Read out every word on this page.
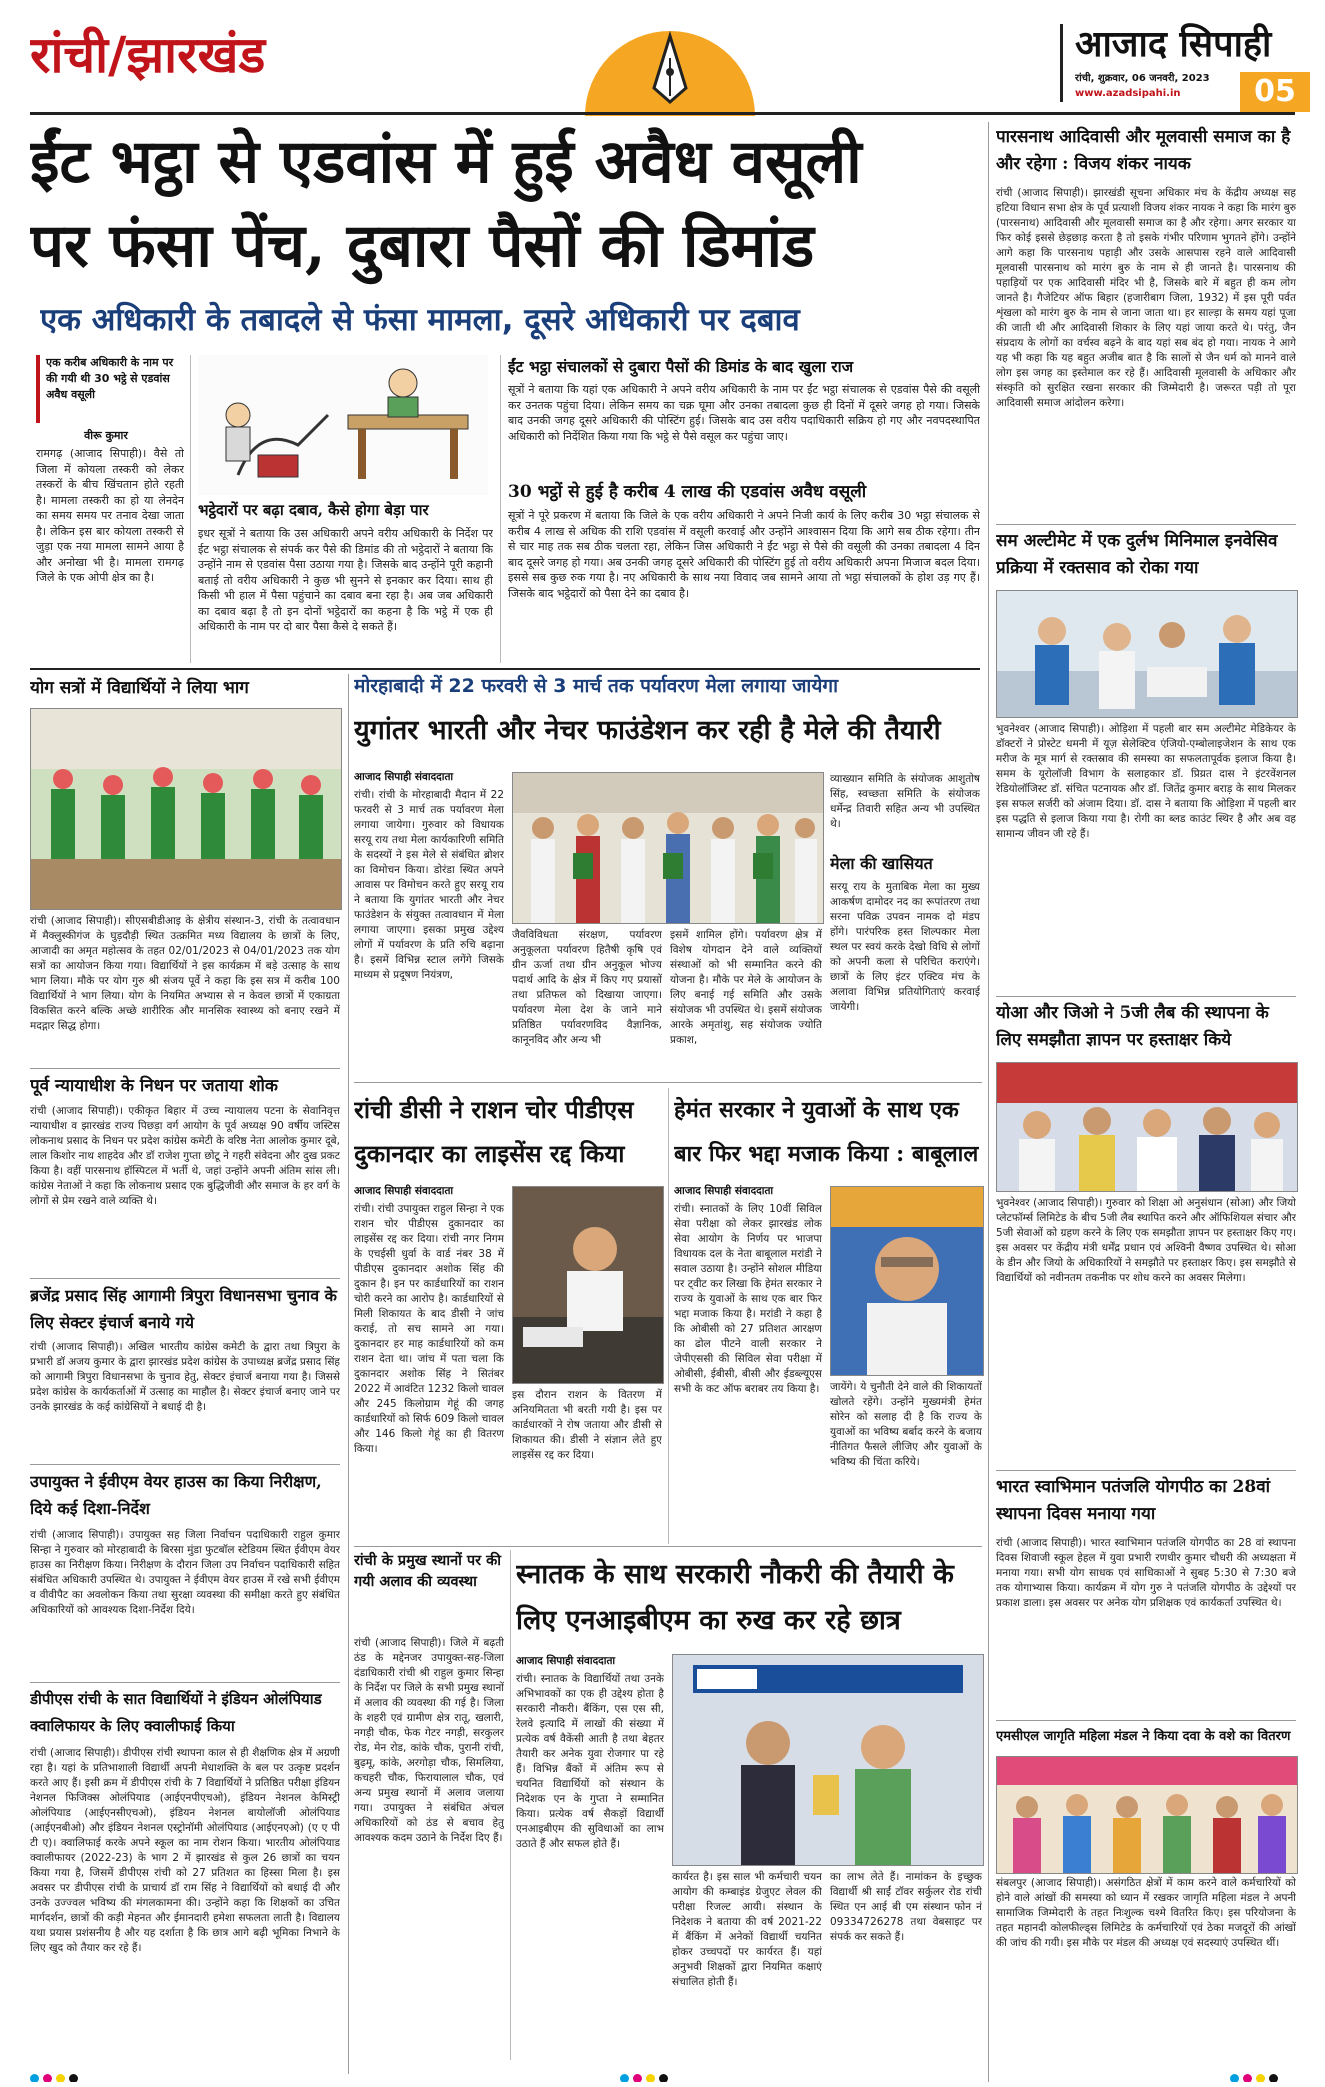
रांची/झारखंड	आजाद सिपाही
रांची, शुक्रवार, 06 जनवरी, 2023
www.azadsipahi.in	05
ईंट भट्ठा से एडवांस में हुई अवैध वसूली
पर फंसा पेंच, दुबारा पैसों की डिमांड
एक अधिकारी के तबादले से फंसा मामला, दूसरे अधिकारी पर दबाव

एक करीब अधिकारी के नाम पर की गयी थी 30 भट्ठे से एडवांस अवैध वसूली

वीरू कुमार

रामगढ़ (आजाद सिपाही)। वैसे तो जिला में कोयला तस्करी को लेकर तस्करों के बीच खिंचतान होते रहती है। मामला तस्करी का हो या लेनदेन का समय समय पर तनाव देखा जाता है। लेकिन इस बार कोयला तस्करी से जुड़ा एक नया मामला सामने आया है और अनोखा भी है। मामला रामगढ़ जिले के एक ओपी क्षेत्र का है।

भट्ठेदारों पर बढ़ा दबाव, कैसे होगा बेड़ा पार

इधर सूत्रों ने बताया कि उस अधिकारी अपने वरीय अधिकारी के निर्देश पर ईट भट्ठा संचालक से संपर्क कर पैसे की डिमांड की तो भट्ठेदारों ने बताया कि उन्होंने नाम से एडवांस पैसा उठाया गया है। जिसके बाद उन्होंने पूरी कहानी बताई तो वरीय अधिकारी ने कुछ भी सुनने से इनकार कर दिया। साथ ही किसी भी हाल में पैसा पहुंचाने का दबाव बना रहा है। अब जब अधिकारी का दबाव बढ़ा है तो इन दोनों भट्ठेदारों का कहना है कि भट्ठे में एक ही अधिकारी के नाम पर दो बार पैसा कैसे दे सकते हैं।

ईंट भट्ठा संचालकों से दुबारा पैसों की डिमांड के बाद खुला राज

सूत्रों ने बताया कि यहां एक अधिकारी ने अपने वरीय अधिकारी के नाम पर ईंट भट्ठा संचालक से एडवांस पैसे की वसूली कर उनतक पहुंचा दिया। लेकिन समय का चक्र घूमा और उनका तबादला कुछ ही दिनों में दूसरे जगह हो गया। जिसके बाद उनकी जगह दूसरे अधिकारी की पोस्टिंग हुई। जिसके बाद उस वरीय पदाधिकारी सक्रिय हो गए और नवपदस्थापित अधिकारी को निर्देशित किया गया कि भट्ठे से पैसे वसूल कर पहुंचा जाए।

30 भट्ठों से हुई है करीब 4 लाख की एडवांस अवैध वसूली

सूत्रों ने पूरे प्रकरण में बताया कि जिले के एक वरीय अधिकारी ने अपने निजी कार्य के लिए करीब 30 भट्ठा संचालक से करीब 4 लाख से अधिक की राशि एडवांस में वसूली करवाई और उन्होंने आश्वासन दिया कि आगे सब ठीक रहेगा। तीन से चार माह तक सब ठीक चलता रहा, लेकिन जिस अधिकारी ने ईंट भट्ठा से पैसे की वसूली की उनका तबादला 4 दिन बाद दूसरे जगह हो गया। अब उनकी जगह दूसरे अधिकारी की पोस्टिंग हुई तो वरीय अधिकारी अपना मिजाज बदल दिया। इससे सब कुछ रुक गया है। नए अधिकारी के साथ नया विवाद जब सामने आया तो भट्ठा संचालकों के होश उड़ गए हैं। जिसके बाद भट्ठेदारों को पैसा देने का दबाव है।

पारसनाथ आदिवासी और मूलवासी समाज का है और रहेगा : विजय शंकर नायक

रांची (आजाद सिपाही)। झारखंडी सूचना अधिकार मंच के केंद्रीय अध्यक्ष सह हटिया विधान सभा क्षेत्र के पूर्व प्रत्याशी विजय शंकर नायक ने कहा कि मारंग बुरु (पारसनाथ) आदिवासी और मूलवासी समाज का है और रहेगा। अगर सरकार या फिर कोई इससे छेड़छाड़ करता है तो इसके गंभीर परिणाम भुगतने होंगे। उन्होंने आगे कहा कि पारसनाथ पहाड़ी और उसके आसपास रहने वाले आदिवासी मूलवासी पारसनाथ को मारंग बुरु के नाम से ही जानते है। पारसनाथ की पहाड़ियों पर एक आदिवासी मंदिर भी है, जिसके बारे में बहुत ही कम लोग जानते है। गैजेटियर ऑफ बिहार (हजारीबाग जिला, 1932) में इस पूरी पर्वत शृंखला को मारंग बुरु के नाम से जाना जाता था। हर साल्ड़ा के समय यहां पूजा की जाती थी और आदिवासी शिकार के लिए यहां जाया करते थे। परंतु, जैन संप्रदाय के लोगों का वर्चस्व बढ़ने के बाद यहां सब बंद हो गया। नायक ने आगे यह भी कहा कि यह बहुत अजीब बात है कि सालों से जैन धर्म को मानने वाले लोग इस जगह का इस्तेमाल कर रहे हैं। आदिवासी मूलवासी के अधिकार और संस्कृति को सुरक्षित रखना सरकार की जिम्मेदारी है। जरूरत पड़ी तो पूरा आदिवासी समाज आंदोलन करेगा।

सम अल्टीमेट में एक दुर्लभ मिनिमाल इनवेसिव प्रक्रिया में रक्तसाव को रोका गया

भुवनेश्वर (आजाद सिपाही)। ओड़िशा में पहली बार सम अल्टीमेट मेडिकेयर के डॉक्टरों ने प्रोस्टेट धमनी में यूज़ सेलेक्टिव एंजियो-एम्बोलाइजेशन के साथ एक मरीज के मूत्र मार्ग से रक्तस्राव की समस्या का सफलतापूर्वक इलाज किया है। समम के यूरोलॉजी विभाग के सलाहकार डॉ. प्रिय्रत दास ने इंटरवेंशनल रेडियोलॉजिस्ट डॉ. संचित पटनायक और डॉ. जितेंद्र कुमार बराड़ के साथ मिलकर इस सफल सर्जरी को अंजाम दिया। डॉ. दास ने बताया कि ओड़िशा में पहली बार इस पद्धति से इलाज किया गया है। रोगी का ब्लड काउंट स्थिर है और अब वह सामान्य जीवन जी रहे हैं।

योआ और जिओ ने 5जी लैब की स्थापना के लिए समझौता ज्ञापन पर हस्ताक्षर किये

भुवनेश्वर (आजाद सिपाही)। गुरुवार को शिक्षा ओ अनुसंधान (सोआ) और जियो प्लेटफॉर्म्स लिमिटेड के बीच 5जी लैब स्थापित करने और ऑफिशियल संचार और 5जी सेवाओं को ग्रहण करने के लिए एक समझौता ज्ञापन पर हस्ताक्षर किए गए। इस अवसर पर केंद्रीय मंत्री धर्मेंद्र प्रधान एवं अश्विनी वैष्णव उपस्थित थे। सोआ के डीन और जियो के अधिकारियों ने समझौते पर हस्ताक्षर किए। इस समझौते से विद्यार्थियों को नवीनतम तकनीक पर शोध करने का अवसर मिलेगा।

भारत स्वाभिमान पतंजलि योगपीठ का 28वां स्थापना दिवस मनाया गया

रांची (आजाद सिपाही)। भारत स्वाभिमान पतंजलि योगपीठ का 28 वां स्थापना दिवस शिवाजी स्कूल हेहल में युवा प्रभारी रणधीर कुमार चौधरी की अध्यक्षता में मनाया गया। सभी योग साधक एवं साधिकाओं ने सुबह 5:30 से 7:30 बजे तक योगाभ्यास किया। कार्यक्रम में योग गुरु ने पतंजलि योगपीठ के उद्देश्यों पर प्रकाश डाला। इस अवसर पर अनेक योग प्रशिक्षक एवं कार्यकर्ता उपस्थित थे।

एमसीएल जागृति महिला मंडल ने किया दवा के वशे का वितरण

संबलपुर (आजाद सिपाही)। असंगठित क्षेत्रों में काम करने वाले कर्मचारियों को होने वाले आंखों की समस्या को ध्यान में रखकर जागृति महिला मंडल ने अपनी सामाजिक जिम्मेदारी के तहत निःशुल्क चश्मे वितरित किए। इस परियोजना के तहत महानदी कोलफील्ड्स लिमिटेड के कर्मचारियों एवं ठेका मजदूरों की आंखों की जांच की गयी। इस मौके पर मंडल की अध्यक्ष एवं सदस्याएं उपस्थित थीं।

योग सत्रों में विद्यार्थियों ने लिया भाग

रांची (आजाद सिपाही)। सीएसबीडीआइ के क्षेत्रीय संस्थान-3, रांची के तत्वावधान में मैक्लुस्कीगंज के घुड़दौड़ी स्थित उत्क्रमित मध्य विद्यालय के छात्रों के लिए, आजादी का अमृत महोत्सव के तहत 02/01/2023 से 04/01/2023 तक योग सत्रों का आयोजन किया गया। विद्यार्थियों ने इस कार्यक्रम में बड़े उत्साह के साथ भाग लिया। मौके पर योग गुरु श्री संजय पूर्वे ने कहा कि इस सत्र में करीब 100 विद्यार्थियों ने भाग लिया। योग के नियमित अभ्यास से न केवल छात्रों में एकाग्रता विकसित करने बल्कि अच्छे शारीरिक और मानसिक स्वास्थ्य को बनाए रखने में मदद्गार सिद्ध होगा।

पूर्व न्यायाधीश के निधन पर जताया शोक

रांची (आजाद सिपाही)। एकीकृत बिहार में उच्च न्यायालय पटना के सेवानिवृत्त न्यायाधीश व झारखंड राज्य पिछड़ा वर्ग आयोग के पूर्व अध्यक्ष 90 वर्षीय जस्टिस लोकनाथ प्रसाद के निधन पर प्रदेश कांग्रेस कमेटी के वरिष्ठ नेता आलोक कुमार दूबे, लाल किशोर नाथ शाहदेव और डॉ राजेश गुप्ता छोटू ने गहरी संवेदना और दुख प्रकट किया है। वहीं पारसनाथ हॉस्पिटल में भर्ती थे, जहां उन्होंने अपनी अंतिम सांस ली। कांग्रेस नेताओं ने कहा कि लोकनाथ प्रसाद एक बुद्धिजीवी और समाज के हर वर्ग के लोगों से प्रेम रखने वाले व्यक्ति थे।

ब्रजेंद्र प्रसाद सिंह आगामी त्रिपुरा विधानसभा चुनाव के लिए सेक्टर इंचार्ज बनाये गये

रांची (आजाद सिपाही)। अखिल भारतीय कांग्रेस कमेटी के द्वारा तथा त्रिपुरा के प्रभारी डॉ अजय कुमार के द्वारा झारखंड प्रदेश कांग्रेस के उपाध्यक्ष ब्रजेंद्र प्रसाद सिंह को आगामी त्रिपुरा विधानसभा के चुनाव हेतु, सेक्टर इंचार्ज बनाया गया है। जिससे प्रदेश कांग्रेस के कार्यकर्ताओं में उत्साह का माहौल है। सेक्टर इंचार्ज बनाए जाने पर उनके झारखंड के कई कांग्रेसियों ने बधाई दी है।

उपायुक्त ने ईवीएम वेयर हाउस का किया निरीक्षण, दिये कई दिशा-निर्देश

रांची (आजाद सिपाही)। उपायुक्त सह जिला निर्वाचन पदाधिकारी राहुल कुमार सिन्हा ने गुरुवार को मोरहाबादी के बिरसा मुंडा फुटबॉल स्टेडियम स्थित ईवीएम वेयर हाउस का निरीक्षण किया। निरीक्षण के दौरान जिला उप निर्वाचन पदाधिकारी सहित संबंधित अधिकारी उपस्थित थे। उपायुक्त ने ईवीएम वेयर हाउस में रखे सभी ईवीएम व वीवीपैट का अवलोकन किया तथा सुरक्षा व्यवस्था की समीक्षा करते हुए संबंधित अधिकारियों को आवश्यक दिशा-निर्देश दिये।

डीपीएस रांची के सात विद्यार्थियों ने इंडियन ओलंपियाड क्वालिफायर के लिए क्वालीफाई किया

रांची (आजाद सिपाही)। डीपीएस रांची स्थापना काल से ही शैक्षणिक क्षेत्र में अग्रणी रहा है। यहां के प्रतिभाशाली विद्यार्थी अपनी मेधाशक्ति के बल पर उत्कृष्ट प्रदर्शन करते आए हैं। इसी क्रम में डीपीएस रांची के 7 विद्यार्थियों ने प्रतिष्ठित परीक्षा इंडियन नेशनल फिजिक्स ओलंपियाड (आईएनपीएचओ), इंडियन नेशनल केमिस्ट्री ओलंपियाड (आईएनसीएचओ), इंडियन नेशनल बायोलॉजी ओलंपियाड (आईएनबीओ) और इंडियन नेशनल एस्ट्रोनॉमी ओलंपियाड (आईएनएओ) (ए ए पी टी ए)। क्वालिफाई करके अपने स्कूल का नाम रोशन किया। भारतीय ओलंपियाड क्वालीफायर (2022-23) के भाग 2 में झारखंड से कुल 26 छात्रों का चयन किया गया है, जिसमें डीपीएस रांची को 27 प्रतिशत का हिस्सा मिला है। इस अवसर पर डीपीएस रांची के प्राचार्य डॉ राम सिंह ने विद्यार्थियों को बधाई दी और उनके उज्ज्वल भविष्य की मंगलकामना की। उन्होंने कहा कि शिक्षकों का उचित मार्गदर्शन, छात्रों की कड़ी मेहनत और ईमानदारी हमेशा सफलता लाती है। विद्यालय यथा प्रयास प्रशंसनीय है और यह दर्शाता है कि छात्र आगे बढ़ी भूमिका निभाने के लिए खुद को तैयार कर रहे हैं।

मोरहाबादी में 22 फरवरी से 3 मार्च तक पर्यावरण मेला लगाया जायेगा
युगांतर भारती और नेचर फाउंडेशन कर रही है मेले की तैयारी
आजाद सिपाही संवाददाता

रांची। रांची के मोरहाबादी मैदान में 22 फरवरी से 3 मार्च तक पर्यावरण मेला लगाया जायेगा। गुरुवार को विधायक सरयू राय तथा मेला कार्यकारिणी समिति के सदस्यों ने इस मेले से संबंधित ब्रोशर का विमोचन किया। डोरंडा स्थित अपने आवास पर विमोचन करते हुए सरयू राय ने बताया कि युगांतर भारती और नेचर फाउंडेशन के संयुक्त तत्वावधान में मेला लगाया जाएगा। इसका प्रमुख उद्देश्य लोगों में पर्यावरण के प्रति रुचि बढ़ाना है। इसमें विभिन्न स्टाल लगेंगे जिसके माध्यम से प्रदूषण नियंत्रण,

जैवविविधता संरक्षण, पर्यावरण अनुकूलता पर्यावरण हितैषी कृषि एवं ग्रीन ऊर्जा तथा ग्रीन अनुकूल भोज्य पदार्थ आदि के क्षेत्र में किए गए प्रयासों तथा प्रतिफल को दिखाया जाएगा। पर्यावरण मेला देश के जाने माने प्रतिष्ठित पर्यावरणविद वैज्ञानिक, कानूनविद और अन्य भी

इसमें शामिल होंगे। पर्यावरण क्षेत्र में विशेष योगदान देने वाले व्यक्तियों संस्थाओं को भी सम्मानित करने की योजना है। मौके पर मेले के आयोजन के लिए बनाई गई समिति और उसके संयोजक भी उपस्थित थे। इसमें संयोजक आरके अमृतांशु, सह संयोजक ज्योति प्रकाश,

व्याख्यान समिति के संयोजक आशुतोष सिंह, स्वच्छता समिति के संयोजक धर्मेन्द्र तिवारी सहित अन्य भी उपस्थित थे।

मेला की खासियत

सरयू राय के मुताबिक मेला का मुख्य आकर्षण दामोदर नद का रूपांतरण तथा सरना पविक्र उपवन नामक दो मंडप होंगे। पारंपरिक हस्त शिल्पकार मेला स्थल पर स्वयं करके देखो विधि से लोगों को अपनी कला से परिचित कराएंगे। छात्रों के लिए इंटर एक्टिव मंच के अलावा विभिन्न प्रतियोगिताएं करवाई जायेगी।

रांची डीसी ने राशन चोर पीडीएस दुकानदार का लाइसेंस रद्द किया
आजाद सिपाही संवाददाता

रांची। रांची उपायुक्त राहुल सिन्हा ने एक राशन चोर पीडीएस दुकानदार का लाइसेंस रद्द कर दिया। रांची नगर निगम के एचईसी धुर्वा के वार्ड नंबर 38 में पीडीएस दुकानदार अशोक सिंह की दुकान है। इन पर कार्डधारियों का राशन चोरी करने का आरोप है। कार्डधारियों से मिली शिकायत के बाद डीसी ने जांच कराई, तो सच सामने आ गया। दुकानदार हर माह कार्डधारियों को कम राशन देता था। जांच में पता चला कि दुकानदार अशोक सिंह ने सितंबर 2022 में आवंटित 1232 किलो चावल और 245 किलोग्राम गेहूं की जगह कार्डधारियों को सिर्फ 609 किलो चावल और 146 किलो गेहूं का ही वितरण किया।

इस दौरान राशन के वितरण में अनियमितता भी बरती गयी है। इस पर कार्डधारकों ने रोष जताया और डीसी से शिकायत की। डीसी ने संज्ञान लेते हुए लाइसेंस रद्द कर दिया।

हेमंत सरकार ने युवाओं के साथ एक बार फिर भद्दा मजाक किया : बाबूलाल
आजाद सिपाही संवाददाता

रांची। स्नातकों के लिए 10वीं सिविल सेवा परीक्षा को लेकर झारखंड लोक सेवा आयोग के निर्णय पर भाजपा विधायक दल के नेता बाबूलाल मरांडी ने सवाल उठाया है। उन्होंने सोशल मीडिया पर ट्वीट कर लिखा कि हेमंत सरकार ने राज्य के युवाओं के साथ एक बार फिर भद्दा मजाक किया है। मरांडी ने कहा है कि ओबीसी को 27 प्रतिशत आरक्षण का ढोल पीटने वाली सरकार ने जेपीएससी की सिविल सेवा परीक्षा में ओबीसी, ईबीसी, बीसी और ईडब्ल्यूएस सभी के कट ऑफ बराबर तय किया है। जायेंगे। ये चुनौती देने वाले की शिकायतों खोलते रहेंगे। उन्होंने मुख्यमंत्री हेमंत सोरेन को सलाह दी है कि राज्य के युवाओं का भविष्य बर्बाद करने के बजाय नीतिगत फैसले लीजिए और युवाओं के भविष्य की चिंता करिये।

रांची के प्रमुख स्थानों पर की गयी अलाव की व्यवस्था

रांची (आजाद सिपाही)। जिले में बढ़ती ठंड के मद्देनजर उपायुक्त-सह-जिला दंडाधिकारी रांची श्री राहुल कुमार सिन्हा के निर्देश पर जिले के सभी प्रमुख स्थानों में अलाव की व्यवस्था की गई है। जिला के शहरी एवं ग्रामीण क्षेत्र रातू, खलारी, नगड़ी चौक, फेक गेटर नगड़ी, सरकुलर रोड, मेन रोड, कांके चौक, पुरानी रांची, बुढ़मू, कांके, अरगोड़ा चौक, सिमलिया, कचहरी चौक, फिरायालाल चौक, एवं अन्य प्रमुख स्थानों में अलाव जलाया गया। उपायुक्त ने संबंधित अंचल अधिकारियों को ठंड से बचाव हेतु आवश्यक कदम उठाने के निर्देश दिए हैं।

स्नातक के साथ सरकारी नौकरी की तैयारी के लिए एनआइबीएम का रुख कर रहे छात्र
आजाद सिपाही संवाददाता

रांची। स्नातक के विद्यार्थियों तथा उनके अभिभावकों का एक ही उद्देश्य होता है सरकारी नौकरी। बैंकिंग, एस एस सी, रेलवे इत्यादि में लाखों की संख्या में प्रत्येक वर्ष वैकेंसी आती है तथा बेहतर तैयारी कर अनेक युवा रोजगार पा रहे हैं। विभिन्न बैंकों में अंतिम रूप से चयनित विद्यार्थियों को संस्थान के निदेशक एन के गुप्ता ने सम्मानित किया। प्रत्येक वर्ष सैकड़ों विद्यार्थी एनआइबीएम की सुविधाओं का लाभ उठाते हैं और सफल होते हैं।

कार्यरत है। इस साल भी कर्मचारी चयन आयोग की कम्बाइंड ग्रेजुएट लेवल की परीक्षा रिजल्ट आयी। संस्थान के निदेशक ने बताया की वर्ष 2021-22 में बैंकिंग में अनेकों विद्यार्थी चयनित होकर उच्चपदों पर कार्यरत हैं। यहां अनुभवी शिक्षकों द्वारा नियमित कक्षाएं संचालित होती हैं।

का लाभ लेते हैं। नामांकन के इच्छुक विद्यार्थी श्री साईं टॉवर सर्कुलर रोड रांची स्थित एन आई बी एम संस्थान फोन नं 09334726278 तथा वेबसाइट पर संपर्क कर सकते हैं।
